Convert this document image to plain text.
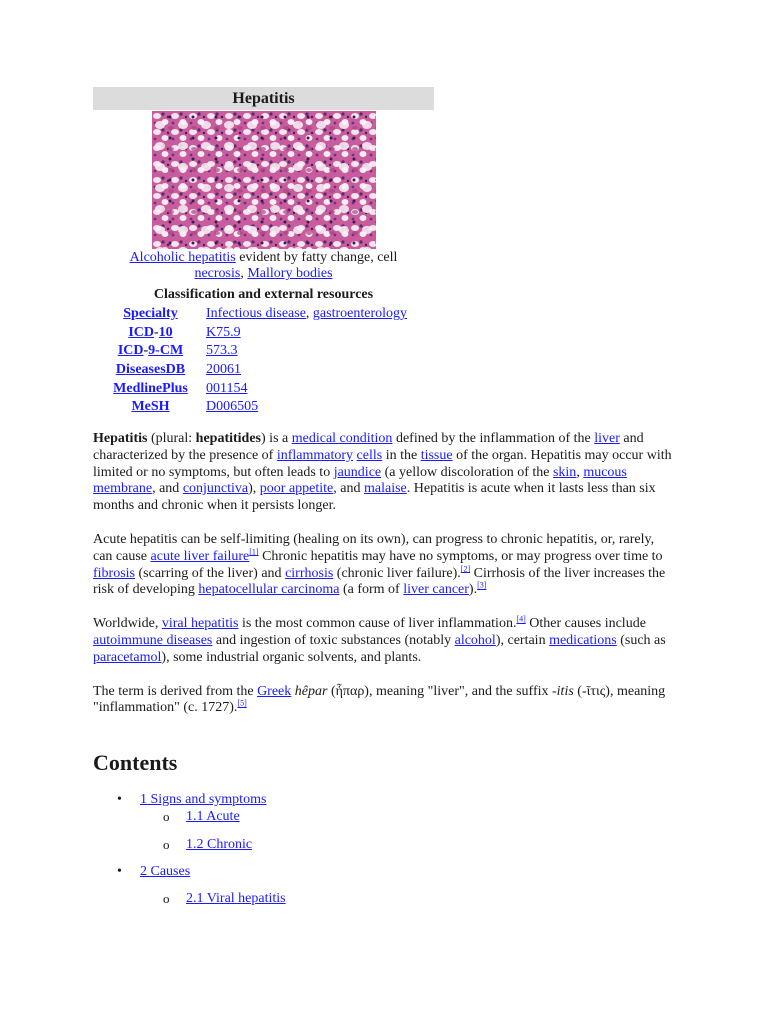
Hepatitis
Alcoholic hepatitis evident by fatty change, cell necrosis, Mallory bodies
Classification and external resources
Specialty	Infectious disease, gastroenterology
ICD-10	K75.9
ICD-9-CM	573.3
DiseasesDB	20061
MedlinePlus	001154
MeSH	D006505

Hepatitis (plural: hepatitides) is a medical condition defined by the inflammation of the liver and characterized by the presence of inflammatory cells in the tissue of the organ. Hepatitis may occur with limited or no symptoms, but often leads to jaundice (a yellow discoloration of the skin, mucous membrane, and conjunctiva), poor appetite, and malaise. Hepatitis is acute when it lasts less than six months and chronic when it persists longer.

Acute hepatitis can be self-limiting (healing on its own), can progress to chronic hepatitis, or, rarely, can cause acute liver failure[1] Chronic hepatitis may have no symptoms, or may progress over time to fibrosis (scarring of the liver) and cirrhosis (chronic liver failure).[2] Cirrhosis of the liver increases the risk of developing hepatocellular carcinoma (a form of liver cancer).[3]

Worldwide, viral hepatitis is the most common cause of liver inflammation.[4] Other causes include autoimmune diseases and ingestion of toxic substances (notably alcohol), certain medications (such as paracetamol), some industrial organic solvents, and plants.

The term is derived from the Greek hêpar (ἧπαρ), meaning "liver", and the suffix -itis (-ῖτις), meaning "inflammation" (c. 1727).[5]

Contents
• 1 Signs and symptoms
o 1.1 Acute
o 1.2 Chronic
• 2 Causes
o 2.1 Viral hepatitis
